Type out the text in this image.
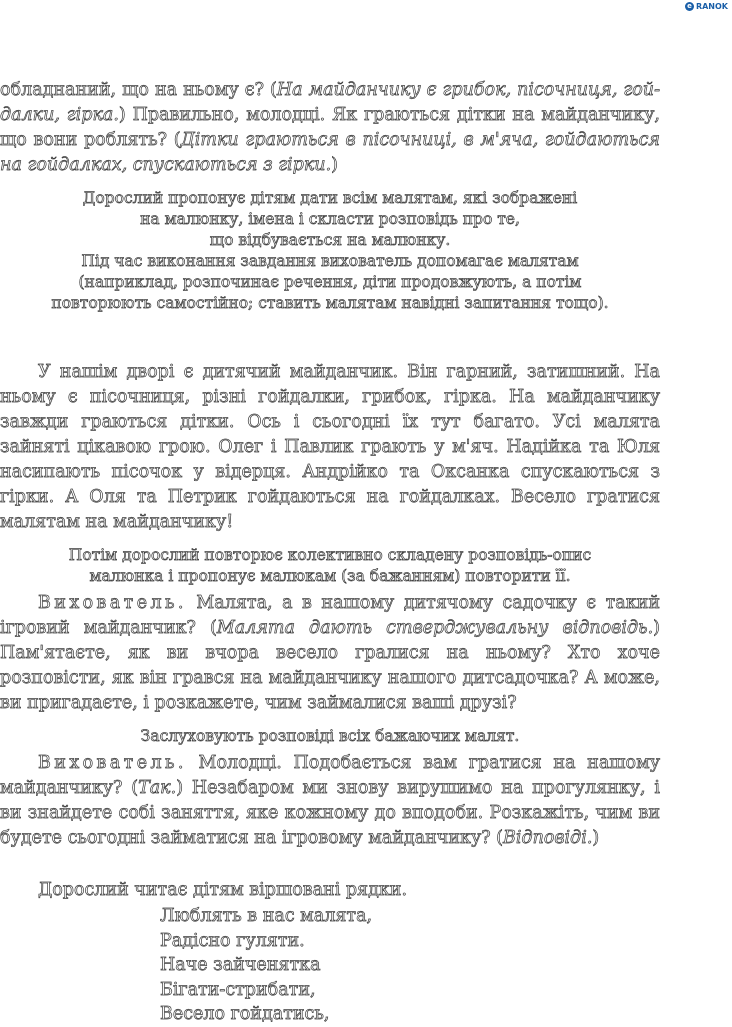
e RANOK

обладнаний, що на ньому є? (На майданчику є грибок, пісочниця, гойдалки, гірка.) Правильно, молодці. Як граються дітки на майданчику, що вони роблять? (Дітки граються в пісочниці, в м'яча, гойдаються на гойдалках, спускаються з гірки.)

Дорослий пропонує дітям дати всім малятам, які зображені
на малюнку, імена і скласти розповідь про те,
що відбувається на малюнку.
Під час виконання завдання вихователь допомагає малятам
(наприклад, розпочинає речення, діти продовжують, а потім
повторюють самостійно; ставить малятам навідні запитання тощо).

У нашім дворі є дитячий майданчик. Він гарний, затишний. На ньому є пісочниця, різні гойдалки, грибок, гірка. На майданчику завжди граються дітки. Ось і сьогодні їх тут багато. Усі малята зайняті цікавою грою. Олег і Павлик грають у м'яч. Надійка та Юля насипають пісочок у відерця. Андрійко та Оксанка спускаються з гірки. А Оля та Петрик гойдаються на гойдалках. Весело гратися малятам на майданчику!

Потім дорослий повторює колективно складену розповідь-опис
малюнка і пропонує малюкам (за бажанням) повторити її.

Вихователь. Малята, а в нашому дитячому садочку є такий ігровий майданчик? (Малята дають стверджувальну відповідь.) Пам'ятаєте, як ви вчора весело гралися на ньому? Хто хоче розповісти, як він грався на майданчику нашого дитсадочка? А може, ви пригадаєте, і розкажете, чим займалися ваші друзі?

Заслуховують розповіді всіх бажаючих малят.

Вихователь. Молодці. Подобається вам гратися на нашому майданчику? (Так.) Незабаром ми знову вирушимо на прогулянку, і ви знайдете собі заняття, яке кожному до вподоби. Розкажіть, чим ви будете сьогодні займатися на ігровому майданчику? (Відповіді.)

Дорослий читає дітям віршовані рядки.

Люблять в нас малята,
Радісно гуляти.
Наче зайченятка
Бігати-стрибати,
Весело гойдатись,
